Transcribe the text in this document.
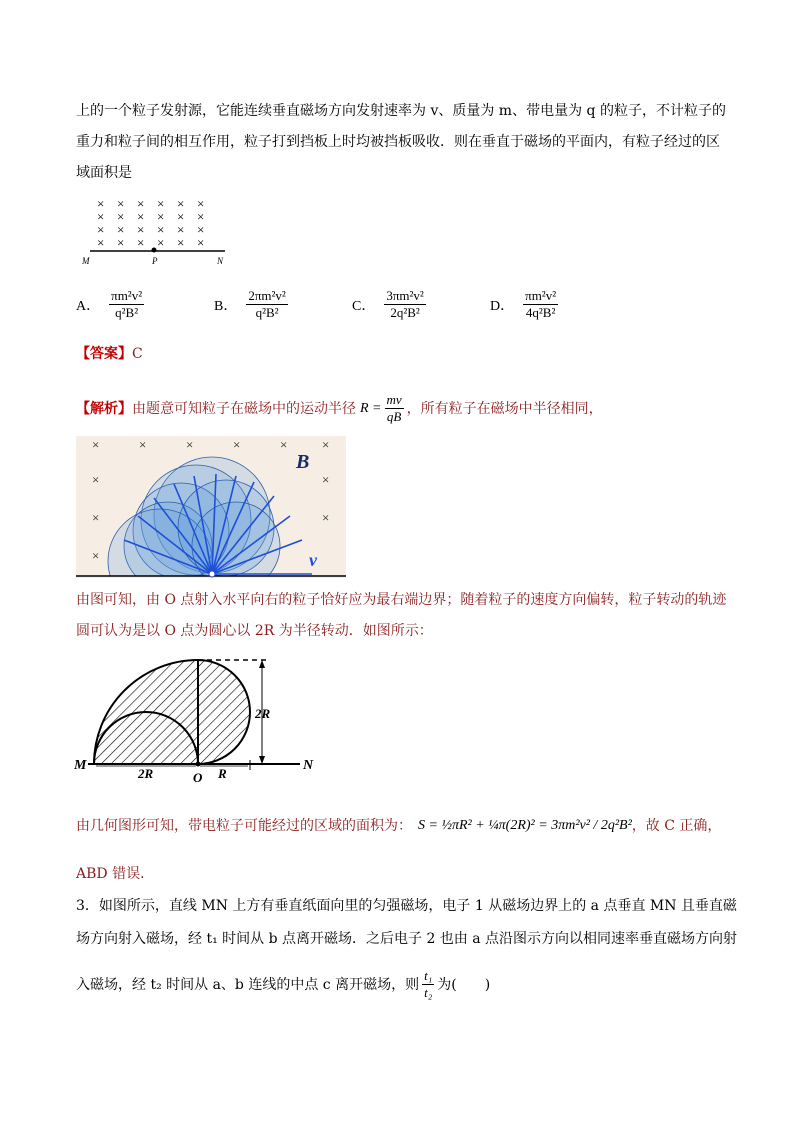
上的一个粒子发射源，它能连续垂直磁场方向发射速率为 v、质量为 m、带电量为 q 的粒子，不计粒子的
重力和粒子间的相互作用，粒子打到挡板上时均被挡板吸收．则在垂直于磁场的平面内，有粒子经过的区
域面积是
× × × × × ×
× × × × × ×
× × × × × ×
× × × × × ×
M	P	N
A． $\frac{\text{πm²v²}}{\text{q²B²}}$	B． $\frac{\text{2πm²v²}}{\text{q²B²}}$	C． $\frac{\text{3πm²v²}}{\text{2q²B²}}$	D． $\frac{\text{πm²v²}}{\text{4q²B²}}$
【答案】C
【解析】 由题意可知粒子在磁场中的运动半径 $R = \frac{mv}{qB}$ ，所有粒子在磁场中半径相同，
×	×	×	×	×	×
×	×
×	×
×
B
v
由图可知，由 O 点射入水平向右的粒子恰好应为最右端边界；随着粒子的速度方向偏转，粒子转动的轨迹
圆可认为是以 O 点为圆心以 2R 为半径转动．如图所示：
M	N
O
2R	R
2R
由几何图形可知，带电粒子可能经过的区域的面积为： S = ½πR² + ¼π(2R)² = 3πm²v² / 2q²B² ，故 C 正确，
ABD 错误．
3．如图所示，直线 MN 上方有垂直纸面向里的匀强磁场，电子 1 从磁场边界上的 a 点垂直 MN 且垂直磁
场方向射入磁场，经 t₁ 时间从 b 点离开磁场．之后电子 2 也由 a 点沿图示方向以相同速率垂直磁场方向射
入磁场，经 t₂ 时间从 a、b 连线的中点 c 离开磁场，则 $\frac{\text{t₁}}{\text{t₂}}$ 为(　　)
